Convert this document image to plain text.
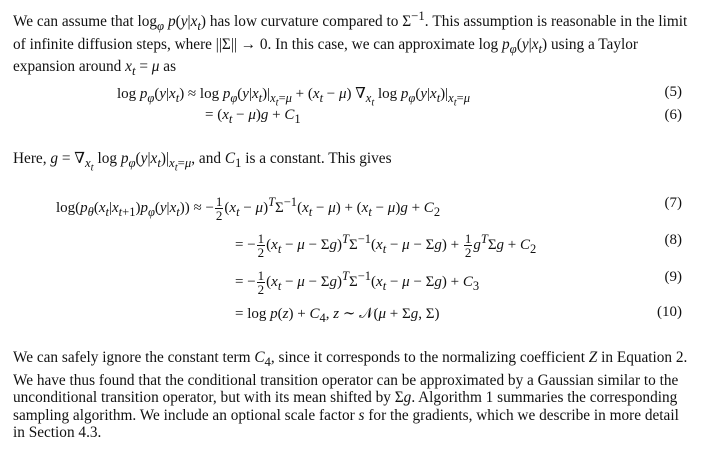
We can assume that $\log_\varphi p(y|x_t)$ has low curvature compared to $\Sigma^{-1}$. This assumption is reasonable in the limit of infinite diffusion steps, where ||Σ|| → 0. In this case, we can approximate $\log p_\varphi(y|x_t)$ using a Taylor expansion around $x_t = \mu$ as

$\log p_\varphi(y|x_t) \approx \log p_\varphi(y|x_t)|_{x_t=\mu} + (x_t - \mu)$ $\nabla_{x_t}$ $\log p_\varphi(y|x_t)|_{x_t=\mu}$	(5)
= $(x_t - \mu)g + C_1$	(6)

Here, $g = \nabla_{x_t}$ $\log p_\varphi(y|x_t)|_{x_t=\mu}$, and $C_1$ is a constant. This gives

$\log(p_\theta(x_t|x_{t+1})p_\varphi(y|x_t))$ ≈ − $\frac{1}{2} (x_t - \mu)^T\Sigma^{-1}(x_t - \mu) + (x_t - \mu)g + C_2$
(7)
= − $\frac{1}{2} (x_t - \mu - \Sigma g)^T\Sigma^{-1}(x_t - \mu - \Sigma g) + \frac{1}{2} g^T\Sigma g + C_2$
(8)
= − $\frac{1}{2} (x_t - \mu - \Sigma g)^T\Sigma^{-1}(x_t - \mu - \Sigma g) + C_3$
(9)
= $\log p(z) + C_4$, z ∼ 𝒩(μ + Σg, Σ)	(10)

We can safely ignore the constant term $C_4$, since it corresponds to the normalizing coefficient Z in Equation 2. We have thus found that the conditional transition operator can be approximated by a Gaussian similar to the unconditional transition operator, but with its mean shifted by Σg. Algorithm 1 summaries the corresponding sampling algorithm. We include an optional scale factor s for the gradients, which we describe in more detail in Section 4.3.
